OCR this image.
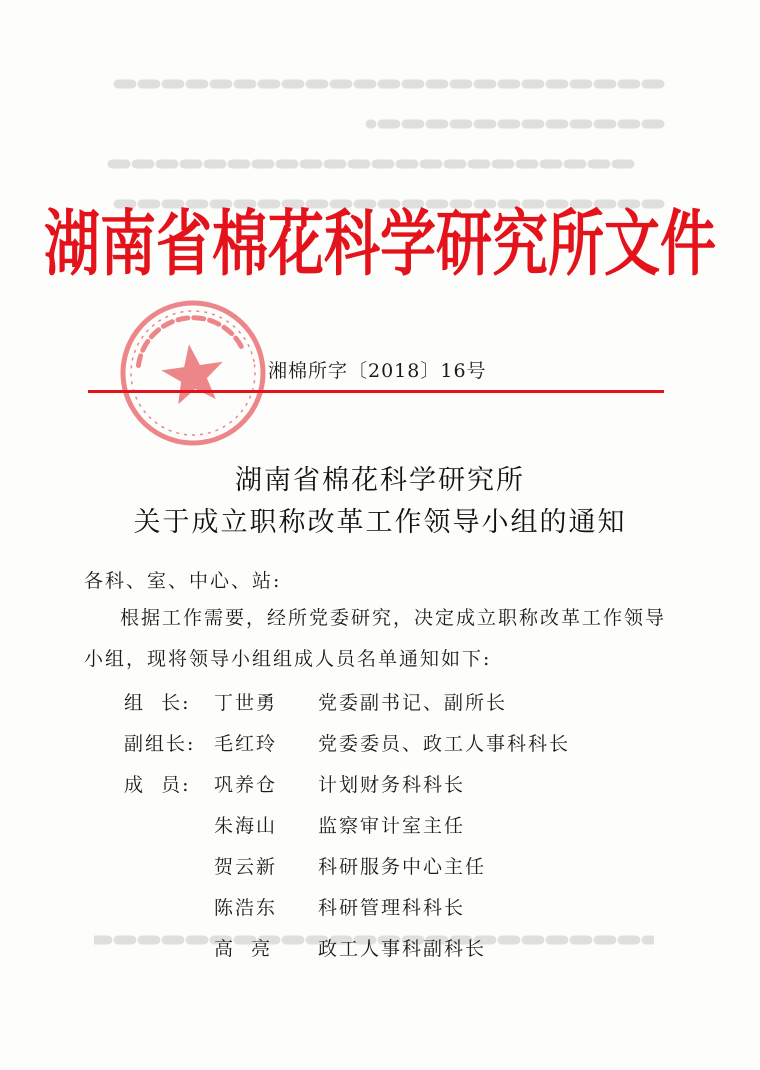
湖南省棉花科学研究所文件
湘棉所字〔2018〕16号
湖南省棉花科学研究所
关于成立职称改革工作领导小组的通知
各科、室、中心、站:
根据工作需要，经所党委研究，决定成立职称改革工作领导
小组，现将领导小组组成人员名单通知如下:
组  长: 丁世勇 党委副书记、副所长
副组长: 毛红玲 党委委员、政工人事科科长
成  员: 巩养仓 计划财务科科长
朱海山 监察审计室主任
贺云新 科研服务中心主任
陈浩东 科研管理科科长
高  亮 政工人事科副科长
